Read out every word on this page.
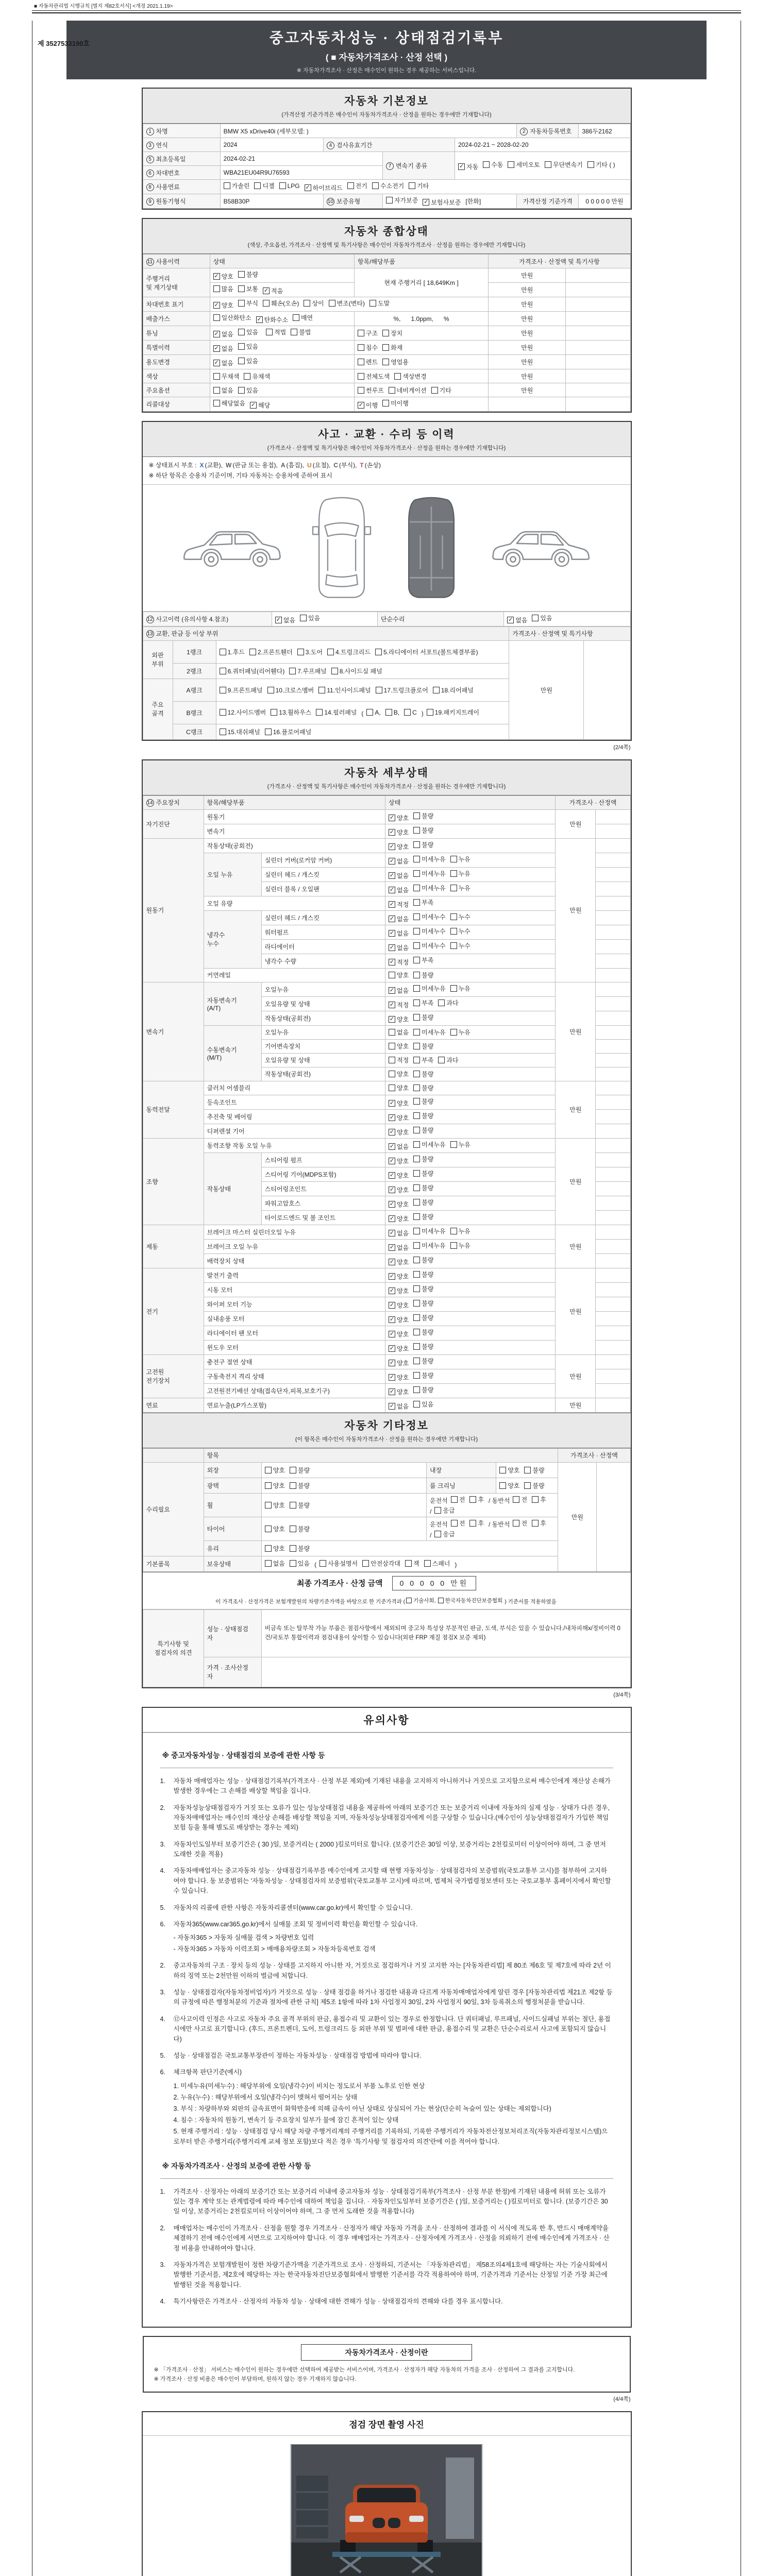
■ 자동차관리법 시행규칙 [별지 제82호서식] <개정 2021.1.19>
제 3527533190호	중고자동차성능 · 상태점검기록부
( ■ 자동차가격조사 · 산정 선택 )
※ 자동차가격조사 · 산정은 매수인이 원하는 경우 제공하는 서비스입니다.
자동차 기본정보
(가격산정 기준가격은 매수인이 자동차가격조사 · 산정을 원하는 경우에만 기재합니다)
1 차명	BMW X5 xDrive40i (세부모델: )				2 자동차등록번호	386두2162
3 연식	2024	4 검사유효기간		2024-02-21 ~ 2028-02-20		
5 최초등록일	2024-02-21	7 변속기 종류	✓ 자동 수동 세미오토 무단변속기 기타 ( )

6 차대번호	WBA21EU04R9U76593					
8 사용연료	가솔린 디젤 LPG ✓ 하이브리드 전기 수소전기 기타

9 원동기형식	B58B30P	10 보증유형	자가보증 ✓ 보험사보증 [한화]		가격산정 기준가격	0 0 0 0 0 만원
자동차 종합상태
(색상, 주요옵션, 가격조사 · 산정액 및 특기사항은 매수인이 자동차가격조사 · 산정을 원하는 경우에만 기재합니다)
11 사용이력	상태	항목/해당부품	가격조사 · 산정액 및 특기사항	
주행거리
및 계기상태	✓ 양호 불량	현재 주행거리 [ 18,649Km ]	만원	

	많음 보통 ✓ 적음		만원	
차대번호 표기	✓ 양호 부식 훼손(오손) 상이 변조(변타) 도말	만원	
배출가스	일산화탄소 ✓ 탄화수소 매연	%,      1.0ppm,      %	만원	
튜닝	✓ 없음 있음 적법 불법	구조 장치	만원	
특별이력	✓ 없음 있음	침수 화재	만원	
용도변경	✓ 없음 있음	렌트 영업용	만원	
색상	무채색 유채색	전체도색 색상변경	만원	
주요옵션	없음 있음	썬루프 네비게이션 기타	만원	
리콜대상	해당없음 ✓ 해당	✓ 이행 미이행		

사고 · 교환 · 수리 등 이력
(가격조사 · 산정액 및 특기사항은 매수인이 자동차가격조사 · 산정을 원하는 경우에만 기재합니다)
※ 상태표시 부호 : X (교환), W (판금 또는 용접), A (흠집), U (요철), C (부식), T (손상)
※ 하단 항목은 승용차 기준이며, 기타 자동차는 승용차에 준하여 표시
12 사고이력 (유의사항 4.참조)	✓ 없음 있음	단순수리	✓ 없음 있음
13 교환, 판금 등 이상 부위			가격조사 · 산정액 및 특기사항	
외판
부위	1랭크	1.후드 2.프론트휀더 3.도어 4.트렁크리드 5.라디에이터 서포트(볼트체결부품)	만원	
	2랭크	6.쿼터패널(리어휀다) 7.루프패널 8.사이드실 패널		

주요
골격	A랭크	9.프론트패널 10.크로스멤버 11.인사이드패널 17.트렁크플로어 18.리어패널		

B랭크	12.사이드멤버 13.휠하우스 14.필러패널 ( A, B, C ) 19.패키지트레이

	C랭크	15.대쉬패널 16.플로어패널		
(2/4쪽)
자동차 세부상태
(가격조사 · 산정액 및 특기사항은 매수인이 자동차가격조사 · 산정을 원하는 경우에만 기재합니다)
14 주요장치	항목/해당부품		상태	가격조사 · 산정액	
자기진단	원동기		✓ 양호 불량	만원	
	변속기		✓ 양호 불량		

원동기	작동상태(공회전)		✓ 양호 불량	만원	
	오일 누유	실린더 커버(로커암 커버)	✓ 없음 미세누유 누유		

		실린더 헤드 / 개스킷	✓ 없음 미세누유 누유		

		실린더 블록 / 오일팬	✓ 없음 미세누유 누유		

	오일 유량		✓ 적정 부족		

	냉각수
누수	실린더 헤드 / 개스킷	✓ 없음 미세누수 누수		

		워터펌프	✓ 없음 미세누수 누수		

		라디에이터	✓ 없음 미세누수 누수		

		냉각수 수량	✓ 적정 부족		

	커먼레일		양호 불량		

변속기	자동변속기
(A/T)	오일누유	✓ 없음 미세누유 누유	만원	
		오일유량 및 상태	✓ 적정 부족 과다		

		작동상태(공회전)	✓ 양호 불량		

	수동변속기
(M/T)	오일누유	없음 미세누유 누유		

		기어변속장치	양호 불량		

		오일유량 및 상태	적정 부족 과다		

		작동상태(공회전)	양호 불량		

동력전달	클러치 어셈블리		양호 불량	만원	
	등속조인트		✓ 양호 불량		

	추진축 및 베어링		✓ 양호 불량		

	디퍼렌셜 기어		✓ 양호 불량		

조향	동력조향 작동 오일 누유		✓ 없음 미세누유 누유	만원	
	작동상태	스티어링 펌프	✓ 양호 불량		

		스티어링 기어(MDPS포함)	✓ 양호 불량		

		스티어링조인트	✓ 양호 불량		

		파워고압호스	✓ 양호 불량		

		타이로드엔드 및 볼 조인트	✓ 양호 불량		

제동	브레이크 마스터 실린더오일 누유		✓ 없음 미세누유 누유	만원	
	브레이크 오일 누유		✓ 없음 미세누유 누유		

	배력장치 상태		✓ 양호 불량		

전기	발전기 출력		✓ 양호 불량	만원	
	시동 모터		✓ 양호 불량		

	와이퍼 모터 기능		✓ 양호 불량		

	실내송풍 모터		✓ 양호 불량		

	라디에이터 팬 모터		✓ 양호 불량		

	윈도우 모터		✓ 양호 불량		

고전원
전기장치	충전구 절연 상태		✓ 양호 불량	만원	
	구동축전지 격리 상태		✓ 양호 불량		

	고전원전기배선 상태(접속단자,피복,보호기구)		✓ 양호 불량		

연료	연료누출(LP가스포함)		✓ 없음 있음	만원	
자동차 기타정보
(이 항목은 매수인이 자동차가격조사 · 산정을 원하는 경우에만 기재합니다)
	항목				가격조사 · 산정액	
수리필요	외장	양호 불량	내장	양호 불량	만원	
	광택	양호 불량	룸 크리닝	양호 불량		

휠	양호 불량
	운전석 전 후 / 동반석 전 후
/ 응급

타이어	양호 불량
	운전석 전 후 / 동반석 전 후
/ 응급

	유리	양호 불량				

기본품목	보유상태	없음 있음 ( 사용설명서 안전삼각대 잭 스패너 )
최종 가격조사 · 산정 금액	0 0 0 0 0 만원
이 가격조사 · 산정가격은 보험개발원의 차량기준가액을 바탕으로 한 기준가격과 ( 기술사회, 한국자동차진단보증협회 ) 기준서를 적용하였음
특기사항 및
점검자의 의견	성능 · 상태점검
자	비금속 또는 탈부착 가능 부품은 점검사항에서 제외되며 중고차 특성상 부분적인 판금, 도색, 부식은 있을 수 있습니다./내차피해x/정비이력 0건/국토부 통합이력과 점검내용이 상이할 수 있습니다(외판 FRP 재질 점검X 보증 제외)
	가격 · 조사산정
자	
(3/4쪽)
유의사항
※ 중고자동차성능 · 상태점검의 보증에 관한 사항 등
1.	자동차 매매업자는 성능 · 상태점검기록부(가격조사 · 산정 부분 제외)에 기재된 내용을 고지하지 아니하거나 거짓으로 고지함으로써 매수인에게 재산상 손해가 발생한 경우에는 그 손해를 배상할 책임을 집니다.
2.	자동차성능상태점검자가 거짓 또는 오류가 있는 성능상태점검 내용을 제공하여 아래의 보증기간 또는 보증거리 이내에 자동차의 실제 성능 · 상태가 다른 경우, 자동차매매업자는 매수인의 재산상 손해를 배상할 책임을 지며, 자동차성능상태점검자에게 이를 구상할 수 있습니다.(매수인이 성능상태점검자가 가입한 책임보험 등을 통해 별도로 배상받는 경우는 제외)
3.	자동차인도일부터 보증기간은 ( 30 )일, 보증거리는 ( 2000 )킬로미터로 합니다. (보증기간은 30일 이상, 보증거리는 2천킬로미터 이상이어야 하며, 그 중 먼저 도래한 것을 적용)
4.	자동차매매업자는 중고자동차 성능 · 상태점검기록부를 매수인에게 고지할 때 현행 자동차성능 · 상태점검자의 보증범위(국토교통부 고시)를 첨부하여 고지하여야 합니다. 동 보증범위는 '자동차성능 · 상태점검자의 보증범위'(국토교통부 고시)에 따르며, 법제처 국가법령정보센터 또는 국토교통부 홈페이지에서 확인할 수 있습니다.
5.	자동차의 리콜에 관한 사항은 자동차리콜센터(www.car.go.kr)에서 확인할 수 있습니다.
6.	자동차365(www.car365.go.kr)에서 실매물 조회 및 정비이력 확인을 확인할 수 있습니다.
- 자동차365 > 자동차 실매물 검색 > 차량번호 입력
- 자동차365 > 자동차 이력조회 > 매매용차량조회 > 자동차등록번호 검색
2.	중고자동차의 구조 · 장치 등의 성능 · 상태를 고지하지 아니한 자, 거짓으로 점검하거나 거짓 고지한 자는 [자동차관리법] 제 80조 제6호 및 제7호에 따라 2년 이하의 징역 또는 2천만원 이하의 벌금에 처합니다.
3.	성능 · 상태점검자(자동차정비업자)가 거짓으로 성능 · 상태 점검을 하거나 점검한 내용과 다르게 자동차매매업자에게 알린 경우 [자동차관리법 제21조 제2항 등의 규정에 따른 행정처분의 기준과 절차에 관한 규칙] 제5조 1항에 따라 1차 사업정지 30일, 2차 사업정지 90일, 3차 등록취소의 행정처분을 받습니다.
4.	⑫사고이력 인정은 사고로 자동차 주요 골격 부위의 판금, 용접수리 및 교환이 있는 경우로 한정합니다. 단 쿼터패널, 루프패널, 사이드실패널 부위는 절단, 용접 시에만 사고로 표기합니다. (후드, 프론트펜더, 도어, 트렁크리드 등 외판 부위 및 범퍼에 대한 판금, 용접수리 및 교환은 단순수리로서 사고에 포함되지 않습니다)
5.	성능 · 상태점검은 국토교통부장관이 정하는 자동차성능 · 상태점검 방법에 따라야 합니다.
6.	체크항목 판단기준(예시)
1. 미세누유(미세누수) : 해당부위에 오일(냉각수)이 비치는 정도로서 부품 노후로 인한 현상
2. 누유(누수) : 해당부위에서 오일(냉각수)이 맺혀서 떨어지는 상태
3. 부식 : 차량하부와 외판의 금속표면이 화학반응에 의해 금속이 아닌 상태로 상실되어 가는 현상(단순히 녹슬어 있는 상태는 제외합니다)
4. 침수 : 자동차의 원동기, 변속기 등 주요장치 일부가 물에 잠긴 흔적이 있는 상태
5. 현재 주행거리 : 성능 · 상태점검 당시 해당 차량 주행거리계의 주행거리를 기록하되, 기록한 주행거리가 자동차전산정보처리조직(자동차관리정보시스템)으로부터 받은 주행거리(주행거리계 교체 정보 포함)보다 적은 경우 '특기사항 및 점검자의 의견'란에 이를 적어야 합니다.
※ 자동차가격조사 · 산정의 보증에 관한 사항 등
1.	가격조사 · 산정자는 아래의 보증기간 또는 보증거리 이내에 중고자동차 성능 · 상태점검기록부(가격조사 · 산정 부분 한정)에 기재된 내용에 허위 또는 오류가 있는 경우 계약 또는 관계법령에 따라 매수인에 대하여 책임을 집니다. · 자동차인도일부터 보증기간은 ( )일, 보증거리는 ( )킬로미터로 합니다. (보증기간은 30일 이상, 보증거리는 2천킬로미터 이상이어야 하며, 그 중 먼저 도래한 것을 적용합니다)
2.	매매업자는 매수인이 가격조사 · 산정을 원할 경우 가격조사 · 산정자가 해당 자동차 가격을 조사 · 산정하여 결과를 이 서식에 적도록 한 후, 반드시 매매계약을 체결하기 전에 매수인에게 서면으로 고지하여야 합니다. 이 경우 매매업자는 가격조사 · 산정자에게 가격조사 · 산정을 의뢰하기 전에 매수인에게 가격조사 · 산정 비용을 안내하여야 합니다.
3.	자동차가격은 보험개발원이 정한 차량기준가액을 기준가격으로 조사 · 산정하되, 기준서는 「자동차관리법」 제58조의4제1호에 해당하는 자는 기술사회에서 발행한 기준서를, 제2호에 해당하는 자는 한국자동차진단보증협회에서 발행한 기준서를 각각 적용하여야 하며, 기준가격과 기준서는 산정일 기준 가장 최근에 발행된 것을 적용합니다.
4.	특기사항란은 가격조사 · 산정자의 자동차 성능 · 상태에 대한 견해가 성능 · 상태점검자의 견해와 다를 경우 표시합니다.
자동차가격조사 · 산정이란
※ 「가격조사 · 산정」 서비스는 매수인이 원하는 경우에만 선택하여 제공받는 서비스이며, 가격조사 · 산정자가 해당 자동차의 가격을 조사 · 산정하여 그 결과를 고지합니다.
※ 가격조사 · 산정 비용은 매수인이 부담하며, 원하지 않는 경우 기재하지 않습니다.
(4/4쪽)
점검 장면 촬영 사진
